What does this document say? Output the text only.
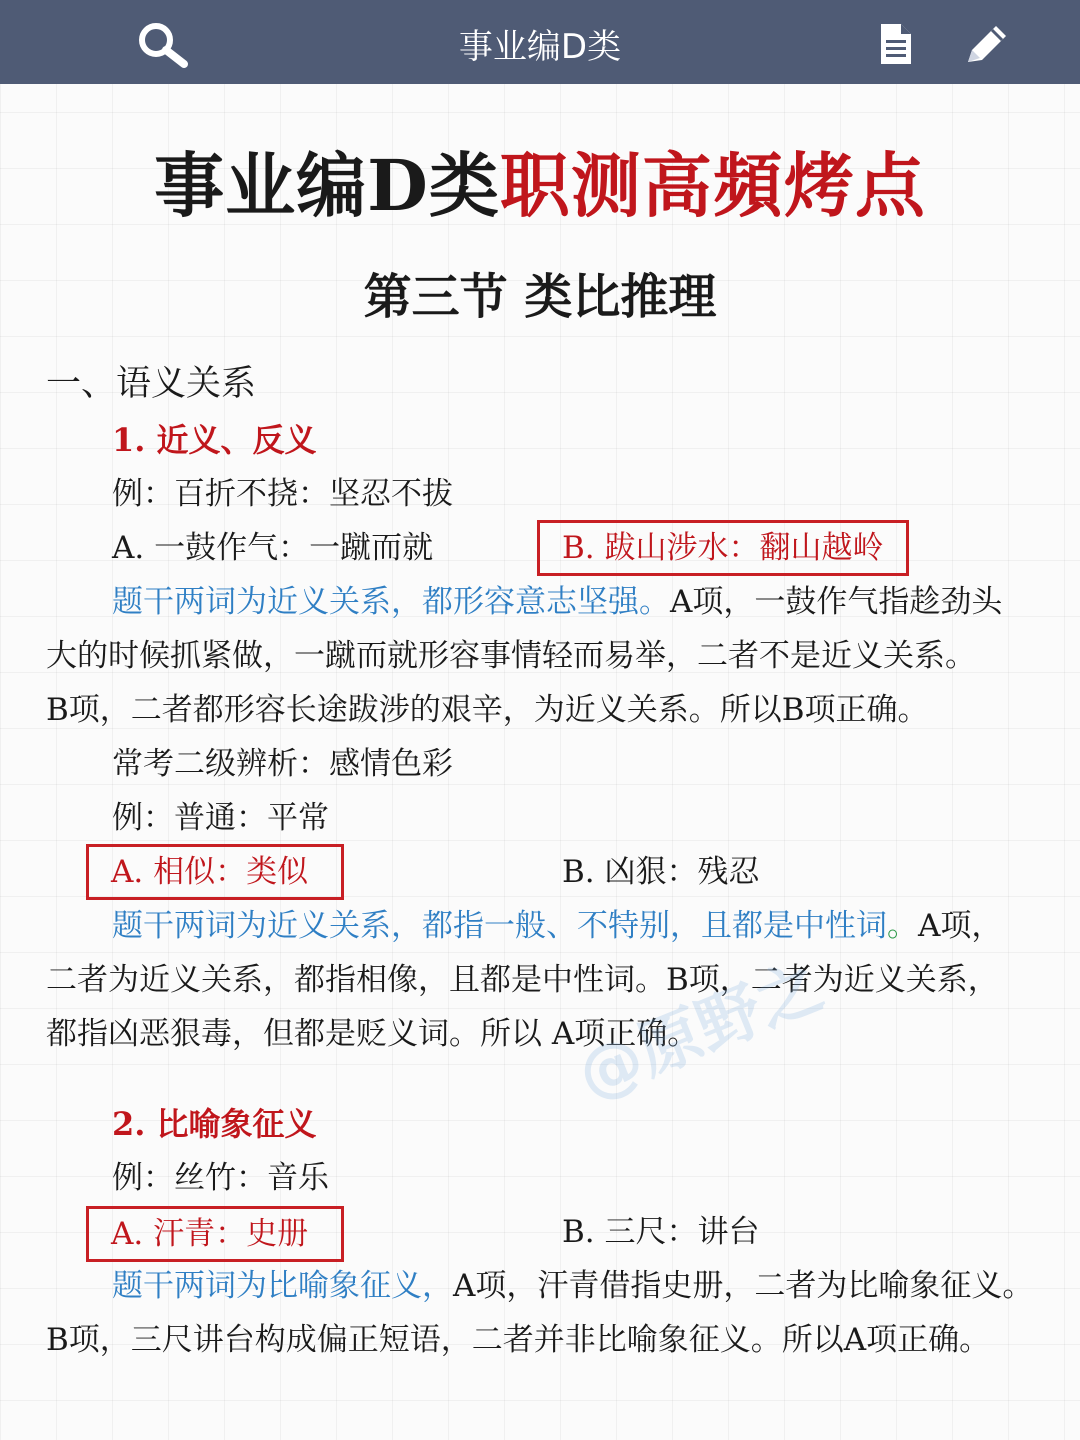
事业编D类
事业编D类职测高頻烤点
第三节 类比推理
一、语义关系
1. 近义、反义
例：百折不挠：坚忍不拔
A. 一鼓作气：一蹴而就	B. 跋山涉水：翻山越岭
题干两词为近义关系，都形容意志坚强。A项，一鼓作气指趁劲头
大的时候抓紧做，一蹴而就形容事情轻而易举，二者不是近义关系。
B项，二者都形容长途跋涉的艰辛，为近义关系。所以B项正确。
常考二级辨析：感情色彩
例：普通：平常
A. 相似：类似	B. 凶狠：残忍
题干两词为近义关系，都指一般、不特别，且都是中性词。A项，
二者为近义关系，都指相像，且都是中性词。B项，二者为近义关系，
都指凶恶狠毒，但都是贬义词。所以 A项正确。
@原野之
2. 比喻象征义
例：丝竹：音乐
A. 汗青：史册	B. 三尺：讲台
题干两词为比喻象征义，A项，汗青借指史册，二者为比喻象征义。
B项，三尺讲台构成偏正短语，二者并非比喻象征义。所以A项正确。
